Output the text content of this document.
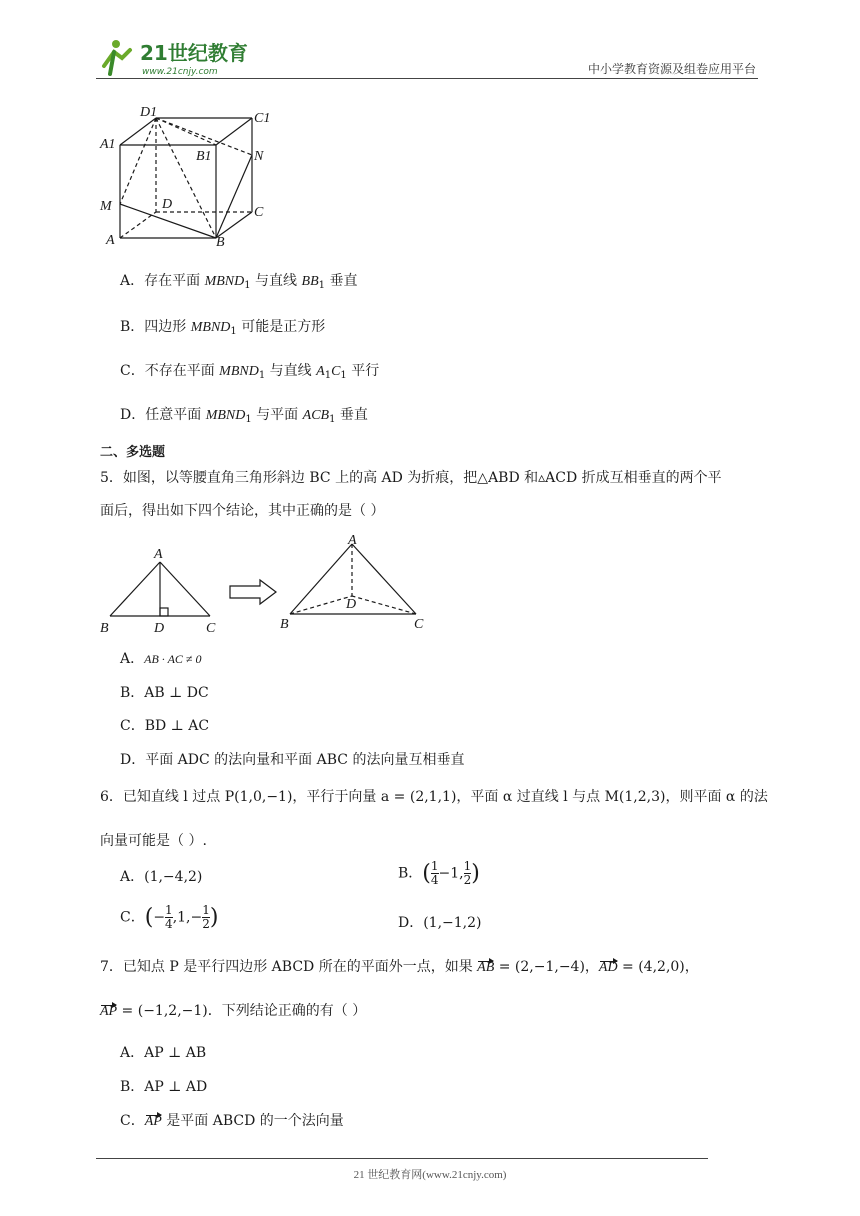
21世纪教育
www.21cnjy.com	中小学教育资源及组卷应用平台
D1	C1
A1
B1	N
M	D
C
A	B
A．存在平面 $MBND_1$ 与直线 $BB_1$ 垂直
B．四边形 $MBND_1$ 可能是正方形
C．不存在平面 $MBND_1$ 与直线 $A_1C_1$ 平行
D．任意平面 $MBND_1$ 与平面 $ACB_1$ 垂直
二、多选题
5．如图，以等腰直角三角形斜边 BC 上的高 AD 为折痕，把△ABD 和▵ACD 折成互相垂直的两个平
面后，得出如下四个结论，其中正确的是（ ）
A
B	D	C
A
D
B	C
A．AB · AC ≠ 0
B．AB ⊥ DC
C．BD ⊥ AC
D．平面 ADC 的法向量和平面 ABC 的法向量互相垂直
6．已知直线 l 过点 P(1,0,−1)，平行于向量 a = (2,1,1)，平面 α 过直线 l 与点 M(1,2,3)，则平面 α 的法
向量可能是（ ）.
A．(1,−4,2)	B．( $\frac{1}{4} -1$, $\frac{1}{2}$ )
C．(− $\frac{1}{4} ,1,- \frac{1}{2}$ )	D．(1,−1,2)
7．已知点 P 是平行四边形 ABCD 所在的平面外一点，如果 AB = (2,−1,−4)，AD = (4,2,0)，
AP = (−1,2,−1)．下列结论正确的有（ ）
A．AP ⊥ AB
B．AP ⊥ AD
C．AP 是平面 ABCD 的一个法向量
21 世纪教育网(www.21cnjy.com)
